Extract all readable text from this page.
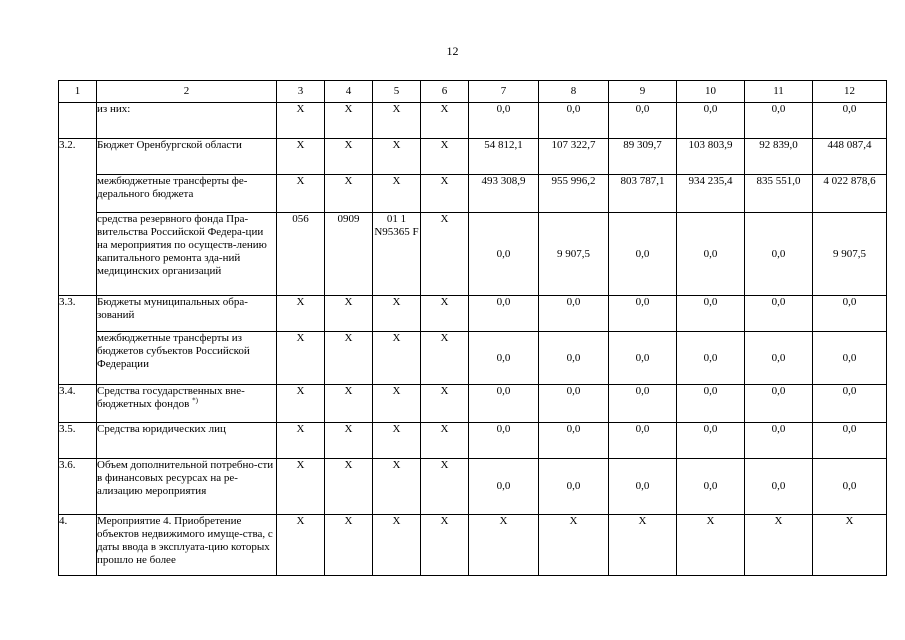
12
1	2	3	4	5	6	7	8	9	10	11	12
	из них:	X	X	X	X	0,0	0,0	0,0	0,0	0,0	0,0
3.2.	Бюджет Оренбургской области	X	X	X	X	54 812,1	107 322,7	89 309,7	103 803,9	92 839,0	448 087,4
	межбюджетные трансферты фе-дерального бюджета	X	X	X	X	493 308,9	955 996,2	803 787,1	934 235,4	835 551,0	4 022 878,6
	средства резервного фонда Пра-вительства Российской Федера-ции на мероприятия по осуществ-лению капитального ремонта зда-ний медицинских организаций	056	0909	01 1 N95365 F	X	0,0	9 907,5	0,0	0,0	0,0	9 907,5
3.3.	Бюджеты муниципальных обра-зований	X	X	X	X	0,0	0,0	0,0	0,0	0,0	0,0
	межбюджетные трансферты из бюджетов субъектов Российской Федерации	X	X	X	X	0,0	0,0	0,0	0,0	0,0	0,0
3.4.	Средства государственных вне-бюджетных фондов *)	X	X	X	X	0,0	0,0	0,0	0,0	0,0	0,0
3.5.	Средства юридических лиц	X	X	X	X	0,0	0,0	0,0	0,0	0,0	0,0
3.6.	Объем дополнительной потребно-сти в финансовых ресурсах на ре-ализацию мероприятия	X	X	X	X	0,0	0,0	0,0	0,0	0,0	0,0
4.	Мероприятие 4. Приобретение объектов недвижимого имуще-ства, с даты ввода в эксплуата-цию которых прошло не более	X	X	X	X	X	X	X	X	X	X
